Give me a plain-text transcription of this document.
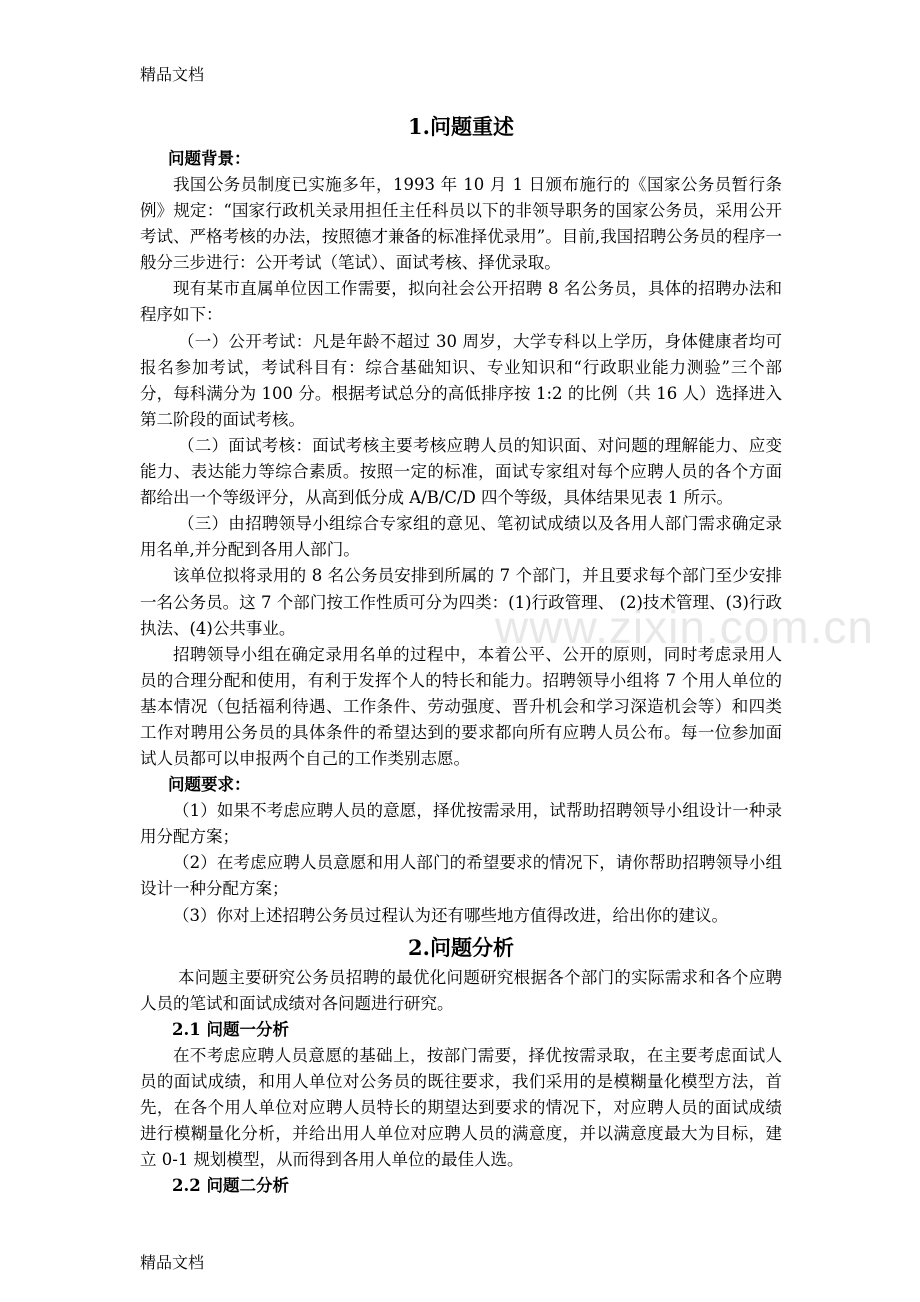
精品文档
www.zixin.com.cn
1.问题重述
问题背景：

我国公务员制度已实施多年，1993 年 10 月 1 日颁布施行的《国家公务员暂行条例》规定：“国家行政机关录用担任主任科员以下的非领导职务的国家公务员，采用公开考试、严格考核的办法，按照德才兼备的标准择优录用”。目前,我国招聘公务员的程序一般分三步进行：公开考试（笔试）、面试考核、择优录取。

现有某市直属单位因工作需要，拟向社会公开招聘 8 名公务员，具体的招聘办法和程序如下：

（一）公开考试：凡是年龄不超过 30 周岁，大学专科以上学历，身体健康者均可报名参加考试，考试科目有：综合基础知识、专业知识和“行政职业能力测验”三个部分，每科满分为 100 分。根据考试总分的高低排序按 1:2 的比例（共 16 人）选择进入第二阶段的面试考核。

（二）面试考核：面试考核主要考核应聘人员的知识面、对问题的理解能力、应变能力、表达能力等综合素质。按照一定的标准，面试专家组对每个应聘人员的各个方面都给出一个等级评分，从高到低分成 A/B/C/D 四个等级，具体结果见表 1 所示。

（三）由招聘领导小组综合专家组的意见、笔初试成绩以及各用人部门需求确定录用名单,并分配到各用人部门。

该单位拟将录用的 8 名公务员安排到所属的 7 个部门，并且要求每个部门至少安排一名公务员。这 7 个部门按工作性质可分为四类：(1)行政管理、 (2)技术管理、(3)行政执法、(4)公共事业。

招聘领导小组在确定录用名单的过程中，本着公平、公开的原则，同时考虑录用人员的合理分配和使用，有利于发挥个人的特长和能力。招聘领导小组将 7 个用人单位的基本情况（包括福利待遇、工作条件、劳动强度、晋升机会和学习深造机会等）和四类工作对聘用公务员的具体条件的希望达到的要求都向所有应聘人员公布。每一位参加面试人员都可以申报两个自己的工作类别志愿。

问题要求：

（1）如果不考虑应聘人员的意愿，择优按需录用，试帮助招聘领导小组设计一种录用分配方案；

（2）在考虑应聘人员意愿和用人部门的希望要求的情况下，请你帮助招聘领导小组设计一种分配方案；

（3）你对上述招聘公务员过程认为还有哪些地方值得改进，给出你的建议。

2.问题分析

本问题主要研究公务员招聘的最优化问题研究根据各个部门的实际需求和各个应聘人员的笔试和面试成绩对各问题进行研究。

2.1 问题一分析

在不考虑应聘人员意愿的基础上，按部门需要，择优按需录取，在主要考虑面试人员的面试成绩，和用人单位对公务员的既往要求，我们采用的是模糊量化模型方法，首先，在各个用人单位对应聘人员特长的期望达到要求的情况下，对应聘人员的面试成绩进行模糊量化分析，并给出用人单位对应聘人员的满意度，并以满意度最大为目标，建立 0-1 规划模型，从而得到各用人单位的最佳人选。

2.2 问题二分析
精品文档
